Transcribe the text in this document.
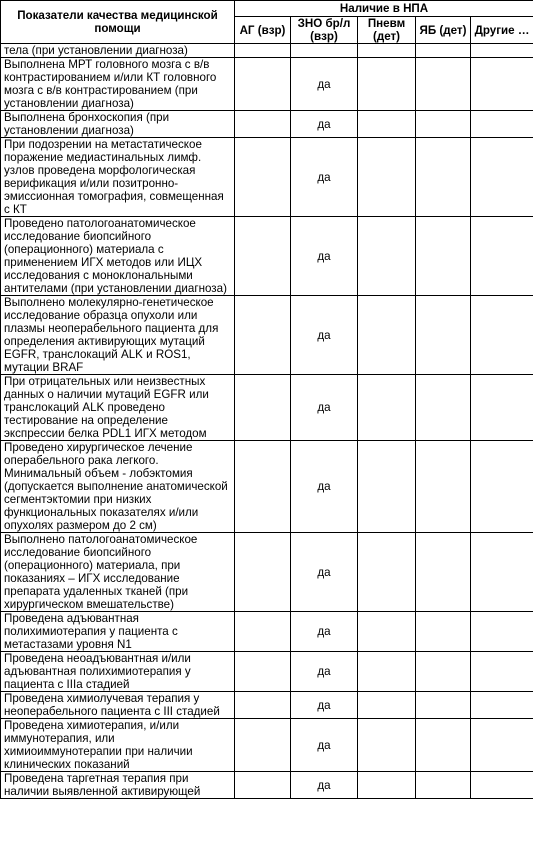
Показатели качества медицинской помощи	Наличие в НПА				
	АГ (взр)	ЗНО бр/л (взр)	Пневм (дет)	ЯБ (дет)	Другие …
тела (при установлении диагноза)					
Выполнена МРТ головного мозга с в/в контрастированием и/или КТ головного мозга с в/в контрастированием (при установлении диагноза)		да			
Выполнена бронхоскопия (при установлении диагноза)		да			
При подозрении на метастатическое поражение медиастинальных лимф. узлов проведена морфологическая верификация и/или позитронно-эмиссионная томография, совмещенная с КТ		да			
Проведено патологоанатомическое исследование биопсийного (операционного) материала с применением ИГХ методов или ИЦХ исследования с моноклональными антителами (при установлении диагноза)		да			
Выполнено молекулярно-генетическое исследование образца опухоли или плазмы неоперабельного пациента для определения активирующих мутаций EGFR, транслокаций ALK и ROS1, мутации BRAF		да			
При отрицательных или неизвестных данных о наличии мутаций EGFR или транслокаций ALK проведено тестирование на определение экспрессии белка PDL1 ИГХ методом		да			
Проведено хирургическое лечение операбельного рака легкого. Минимальный объем - лобэктомия (допускается выполнение анатомической сегментэктомии при низких функциональных показателях и/или опухолях размером до 2 см)		да			
Выполнено патологоанатомическое исследование биопсийного (операционного) материала, при показаниях – ИГХ исследование препарата удаленных тканей (при хирургическом вмешательстве)		да			
Проведена адъювантная полихимиотерапия у пациента с метастазами уровня N1		да			
Проведена неоадъювантная и/или адъювантная полихимиотерапия у пациента с IIIa стадией		да			
Проведена химиолучевая терапия у неоперабельного пациента с III стадией		да			
Проведена химиотерапия, и/или иммунотерапия, или химиоиммунотерапии при наличии клинических показаний		да			
Проведена таргетная терапия при наличии выявленной активирующей		да			
